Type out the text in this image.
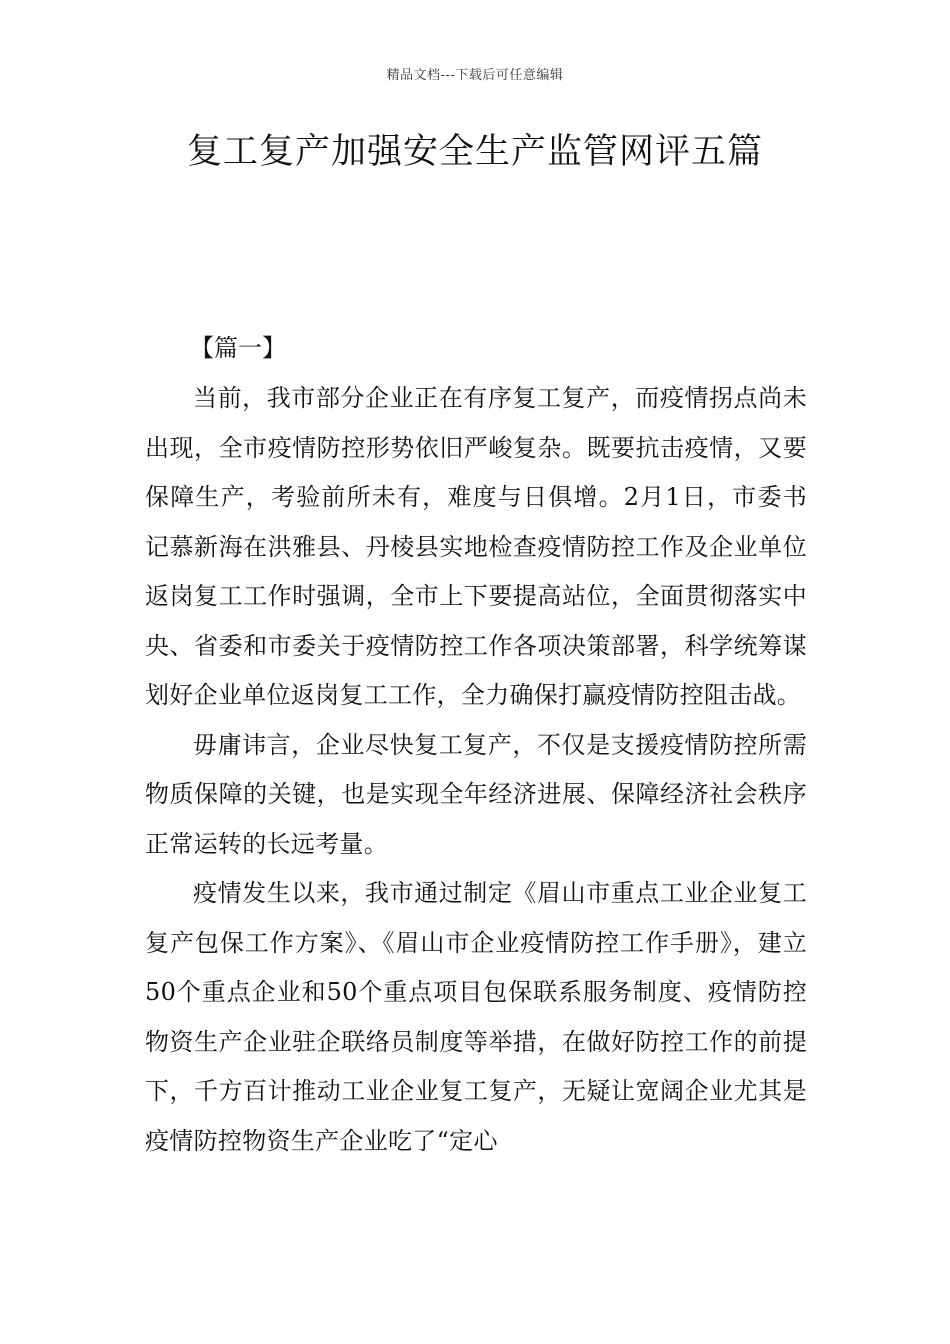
精品文档---下载后可任意编辑
复工复产加强安全生产监管网评五篇
【篇一】

当前，我市部分企业正在有序复工复产，而疫情拐点尚未出现，全市疫情防控形势依旧严峻复杂。既要抗击疫情，又要保障生产，考验前所未有，难度与日俱增。2月1日，市委书记慕新海在洪雅县、丹棱县实地检查疫情防控工作及企业单位返岗复工工作时强调，全市上下要提高站位，全面贯彻落实中央、省委和市委关于疫情防控工作各项决策部署，科学统筹谋划好企业单位返岗复工工作，全力确保打赢疫情防控阻击战。

毋庸讳言，企业尽快复工复产，不仅是支援疫情防控所需物质保障的关键，也是实现全年经济进展、保障经济社会秩序正常运转的长远考量。

疫情发生以来，我市通过制定《眉山市重点工业企业复工复产包保工作方案》、《眉山市企业疫情防控工作手册》，建立50个重点企业和50个重点项目包保联系服务制度、疫情防控物资生产企业驻企联络员制度等举措，在做好防控工作的前提下，千方百计推动工业企业复工复产，无疑让宽阔企业尤其是疫情防控物资生产企业吃了“定心
